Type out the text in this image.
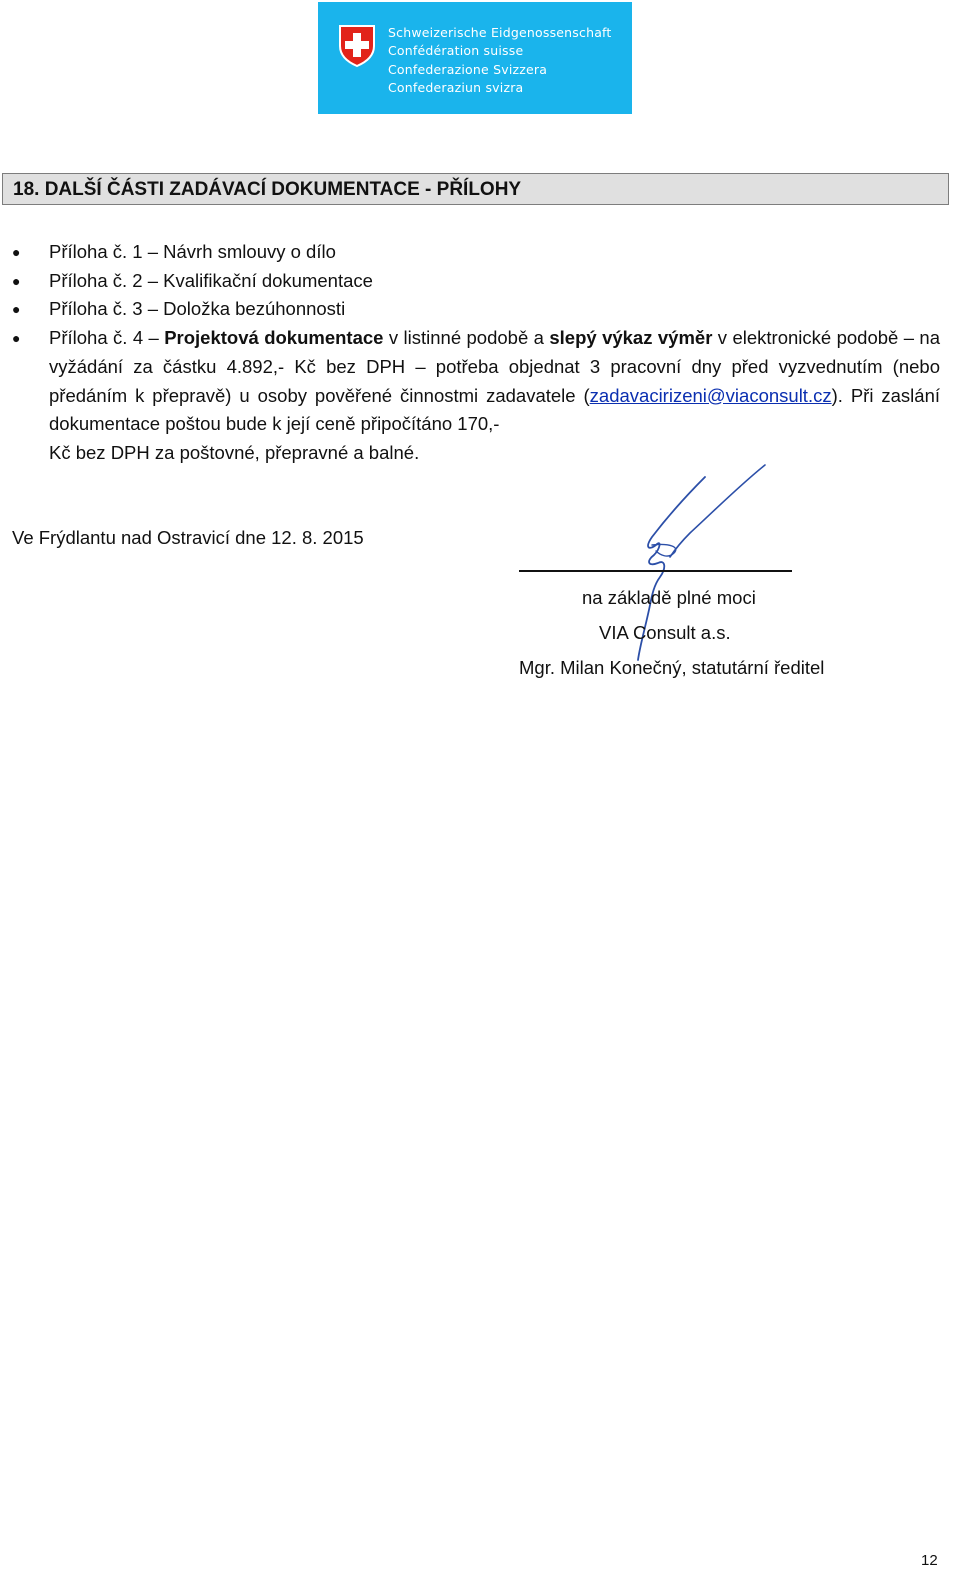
Schweizerische Eidgenossenschaft
Confédération suisse
Confederazione Svizzera
Confederaziun svizra
18. DALŠÍ ČÁSTI ZADÁVACÍ DOKUMENTACE - PŘÍLOHY
● Příloha č. 1 – Návrh smlouvy o dílo
● Příloha č. 2 – Kvalifikační dokumentace
● Příloha č. 3 – Doložka bezúhonnosti
● Příloha č. 4 – Projektová dokumentace v listinné podobě a slepý výkaz výměr v elektronické podobě – na vyžádání za částku 4.892,- Kč bez DPH – potřeba objednat 3 pracovní dny před vyzvednutím (nebo předáním k přepravě) u osoby pověřené činnostmi zadavatele (zadavacirizeni@viaconsult.cz). Při zaslání dokumentace poštou bude k její ceně připočítáno 170,-
Kč bez DPH za poštovné, přepravné a balné.
Ve Frýdlantu nad Ostravicí dne 12. 8. 2015
na základě plné moci
VIA Consult a.s.
Mgr. Milan Konečný, statutární ředitel
12
